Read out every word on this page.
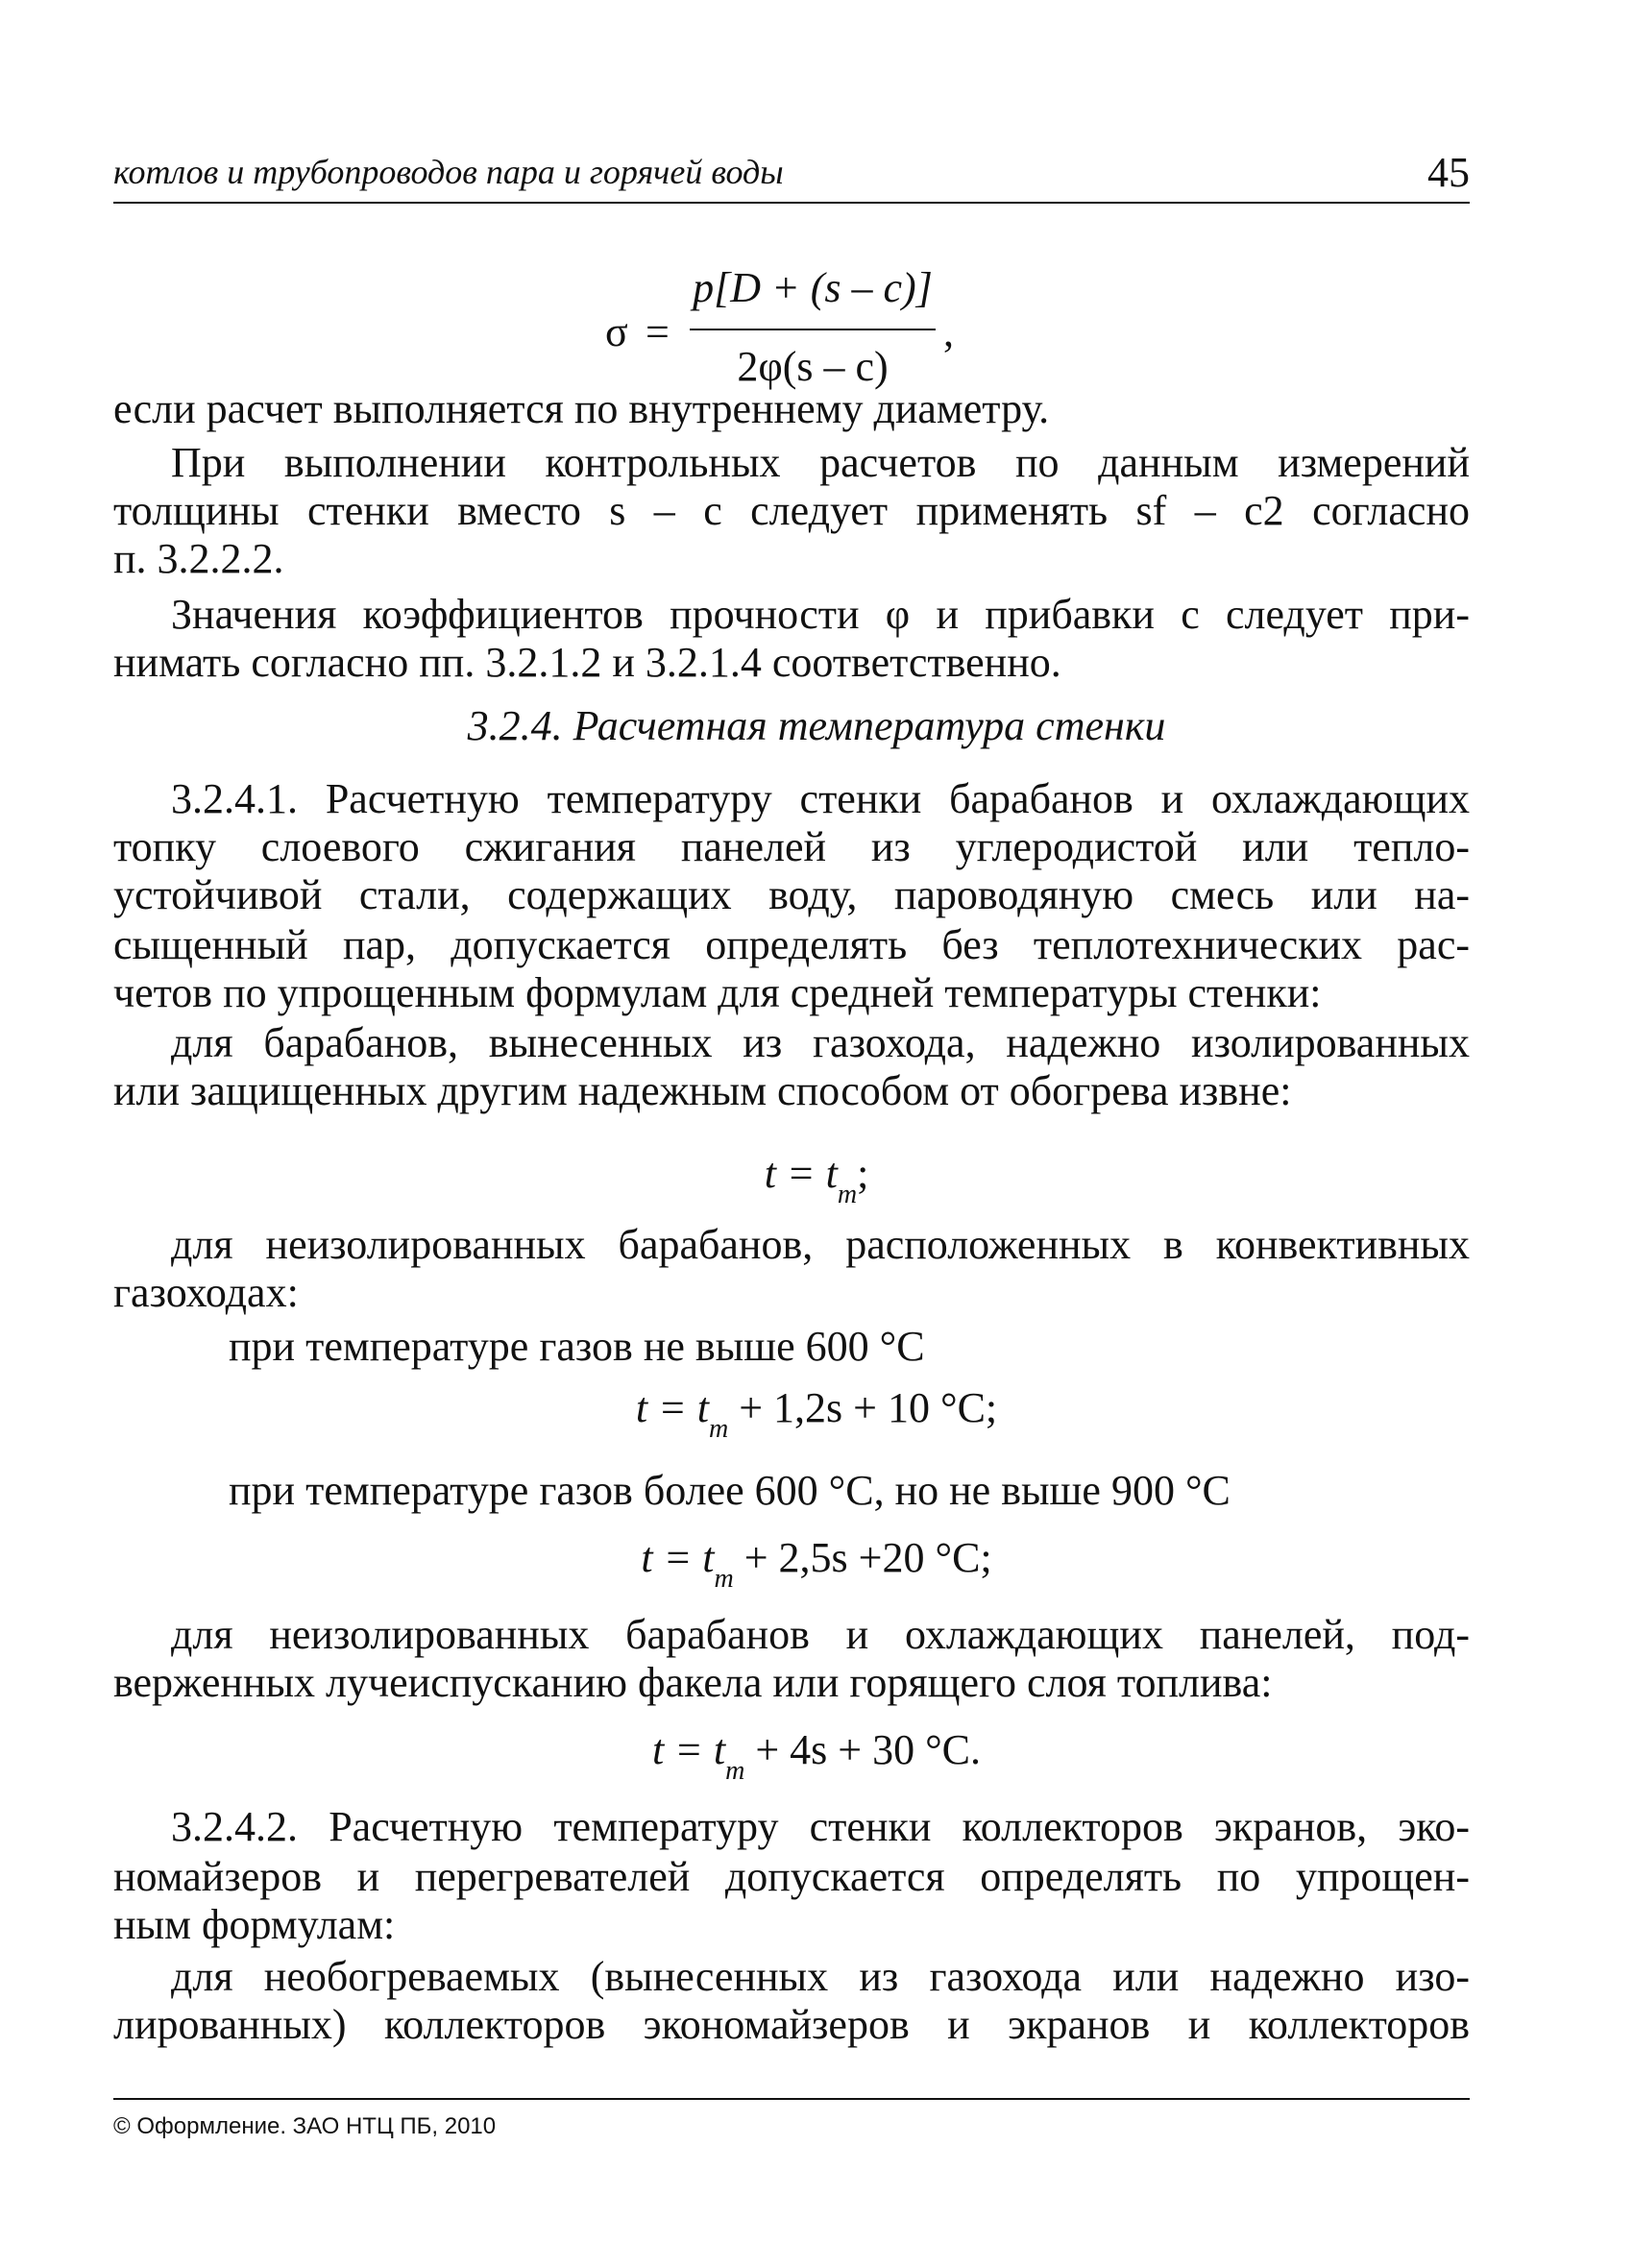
котлов и трубопроводов пара и горячей воды	45
σ =
p[D + (s – c)]
2φ(s – c)
,
если расчет выполняется по внутреннему диаметру.
При выполнении контрольных расчетов по данным измерений
толщины стенки вместо s – c следует применять sf – c2 согласно
п. 3.2.2.2.
Значения коэффициентов прочности φ и прибавки c следует при-
нимать согласно пп. 3.2.1.2 и 3.2.1.4 соответственно.
3.2.4. Расчетная температура стенки
3.2.4.1. Расчетную температуру стенки барабанов и охлаждающих
топку слоевого сжигания панелей из углеродистой или тепло-
устойчивой стали, содержащих воду, пароводяную смесь или на-
сыщенный пар, допускается определять без теплотехнических рас-
четов по упрощенным формулам для средней температуры стенки:
для барабанов, вынесенных из газохода, надежно изолированных
или защищенных другим надежным способом от обогрева извне:
$t = t_m$;
для неизолированных барабанов, расположенных в конвективных
газоходах:
при температуре газов не выше 600 °С
$t = t_m + 1,2s + 10$ °С;
при температуре газов более 600 °С, но не выше 900 °С
$t = t_m + 2,5s +20$ °С;
для неизолированных барабанов и охлаждающих панелей, под-
верженных лучеиспусканию факела или горящего слоя топлива:
$t = t_m + 4s + 30$ °С.
3.2.4.2. Расчетную температуру стенки коллекторов экранов, эко-
номайзеров и перегревателей допускается определять по упрощен-
ным формулам:
для необогреваемых (вынесенных из газохода или надежно изо-
лированных) коллекторов экономайзеров и экранов и коллекторов
© Оформление. ЗАО НТЦ ПБ, 2010
